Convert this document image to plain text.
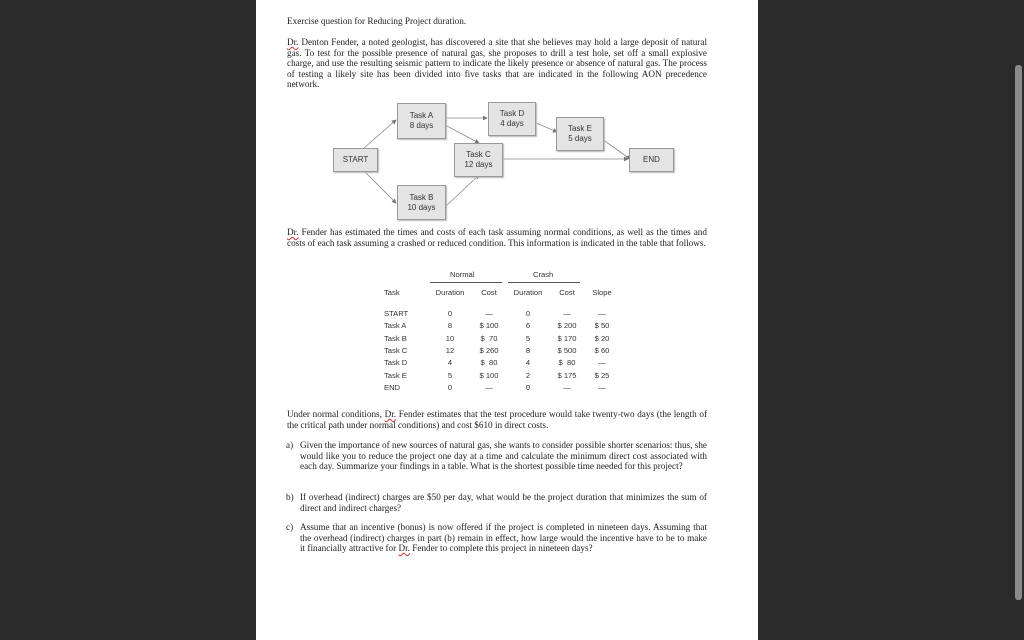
Exercise question for Reducing Project duration.
Dr. Denton Fender, a noted geologist, has discovered a site that she believes may hold a large deposit of natural gas. To test for the possible presence of natural gas, she proposes to drill a test hole, set off a small explosive charge, and use the resulting seismic pattern to indicate the likely presence or absence of natural gas. The process of testing a likely site has been divided into five tasks that are indicated in the following AON precedence network.
START
Task A
8 days
Task D
4 days
Task E
5 days
Task C
12 days
END
Task B
10 days
Dr. Fender has estimated the times and costs of each task assuming normal conditions, as well as the times and costs of each task assuming a crashed or reduced condition. This information is indicated in the table that follows.
Normal	Crash
Task	Duration	Cost	Duration	Cost	Slope
START	0	—	0	—	—
Task A	8	$ 100	6	$ 200	$ 50
Task B	10	$  70	5	$ 170	$ 20
Task C	12	$ 260	8	$ 500	$ 60
Task D	4	$  80	4	$  80	—
Task E	5	$ 100	2	$ 175	$ 25
END	0	—	0	—	—
Under normal conditions, Dr. Fender estimates that the test procedure would take twenty-two days (the length of the critical path under normal conditions) and cost $610 in direct costs.
a) Given the importance of new sources of natural gas, she wants to consider possible shorter scenarios: thus, she would like you to reduce the project one day at a time and calculate the minimum direct cost associated with each day. Summarize your findings in a table. What is the shortest possible time needed for this project?
b) If overhead (indirect) charges are $50 per day, what would be the project duration that minimizes the sum of direct and indirect charges?
c) Assume that an incentive (bonus) is now offered if the project is completed in nineteen days. Assuming that the overhead (indirect) charges in part (b) remain in effect, how large would the incentive have to be to make it financially attractive for Dr. Fender to complete this project in nineteen days?
